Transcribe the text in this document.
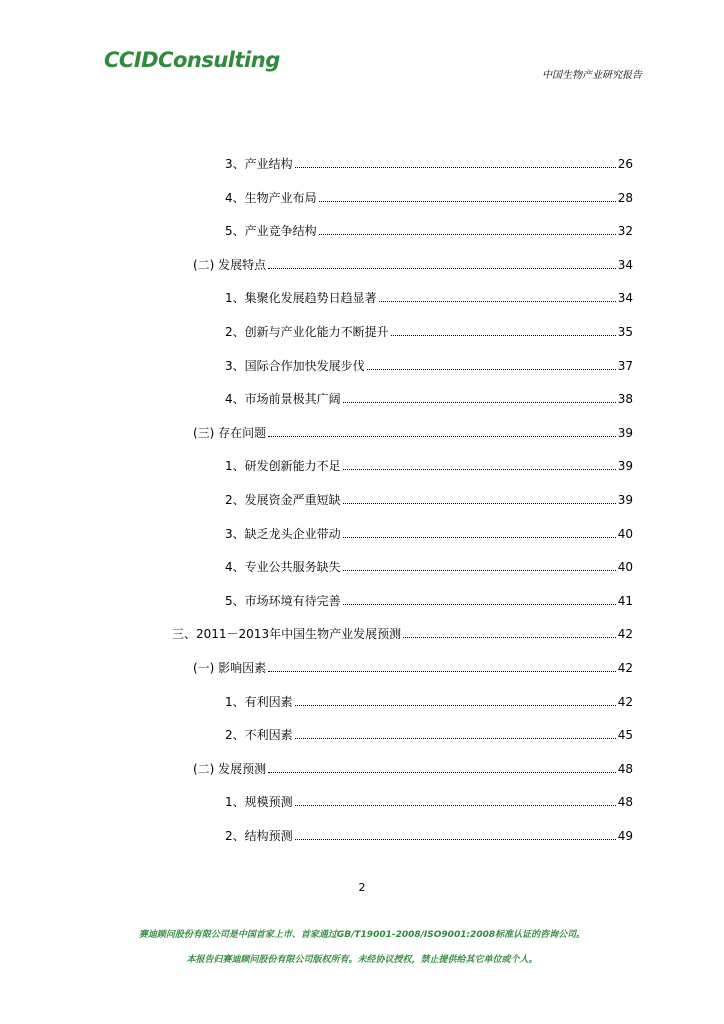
CCIDConsulting
中国生物产业研究报告
3、产业结构	26
4、生物产业布局	28
5、产业竞争结构	32
(二) 发展特点	34
1、集聚化发展趋势日趋显著	34
2、创新与产业化能力不断提升	35
3、国际合作加快发展步伐	37
4、市场前景极其广阔	38
(三) 存在问题	39
1、研发创新能力不足	39
2、发展资金严重短缺	39
3、缺乏龙头企业带动	40
4、专业公共服务缺失	40
5、市场环境有待完善	41
三、2011－2013年中国生物产业发展预测	42
(一) 影响因素	42
1、有利因素	42
2、不利因素	45
(二) 发展预测	48
1、规模预测	48
2、结构预测	49
2
赛迪顾问股份有限公司是中国首家上市、首家通过GB/T19001-2008/ISO9001:2008标准认证的咨询公司。
本报告归赛迪顾问股份有限公司版权所有。未经协议授权，禁止提供给其它单位或个人。
